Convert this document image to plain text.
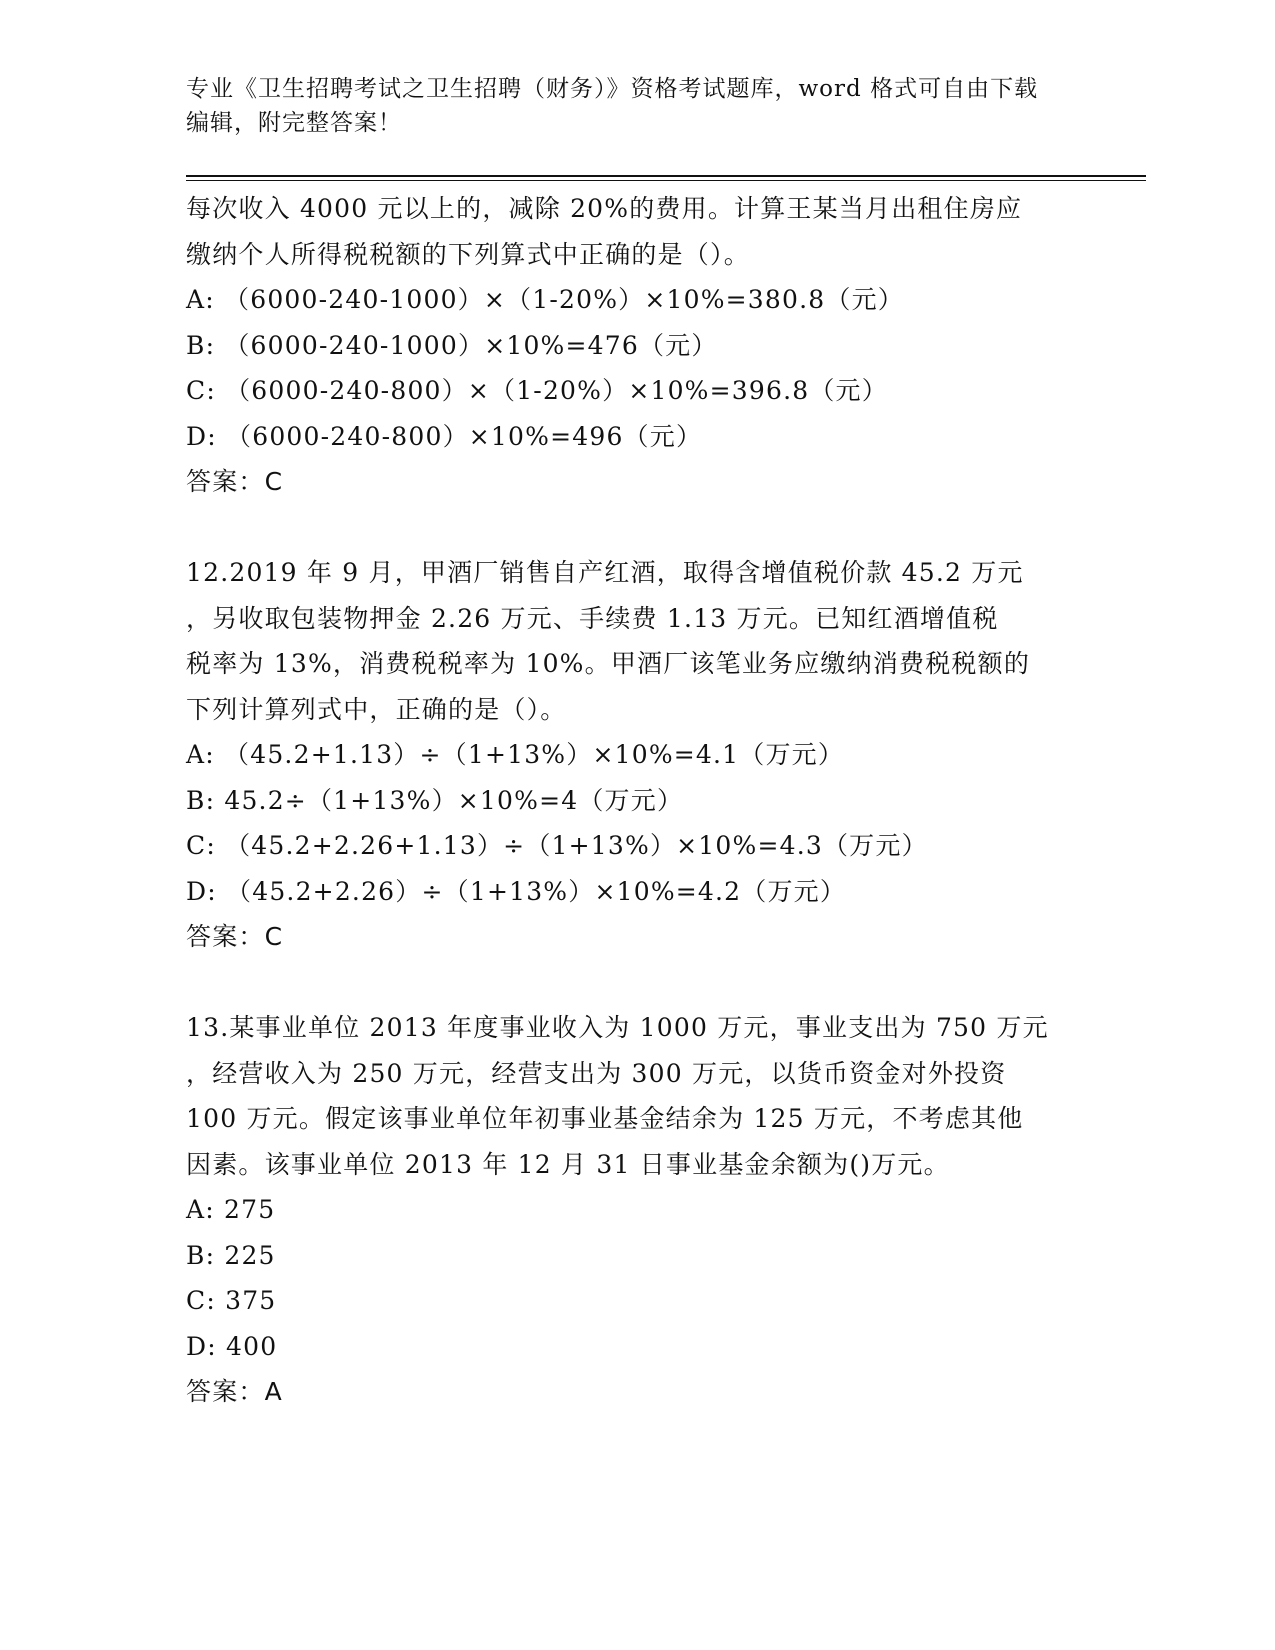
专业《卫生招聘考试之卫生招聘（财务）》资格考试题库，word 格式可自由下载
编辑，附完整答案！
每次收入 4000 元以上的，减除 20%的费用。计算王某当月出租住房应
缴纳个人所得税税额的下列算式中正确的是（）。
A: （6000-240-1000）×（1-20%）×10%=380.8（元）
B: （6000-240-1000）×10%=476（元）
C: （6000-240-800）×（1-20%）×10%=396.8（元）
D: （6000-240-800）×10%=496（元）
答案：C
12.2019 年 9 月，甲酒厂销售自产红酒，取得含增值税价款 45.2 万元
，另收取包装物押金 2.26 万元、手续费 1.13 万元。已知红酒增值税
税率为 13%，消费税税率为 10%。甲酒厂该笔业务应缴纳消费税税额的
下列计算列式中，正确的是（）。
A: （45.2+1.13）÷（1+13%）×10%=4.1（万元）
B: 45.2÷（1+13%）×10%=4（万元）
C: （45.2+2.26+1.13）÷（1+13%）×10%=4.3（万元）
D: （45.2+2.26）÷（1+13%）×10%=4.2（万元）
答案：C
13.某事业单位 2013 年度事业收入为 1000 万元，事业支出为 750 万元
，经营收入为 250 万元，经营支出为 300 万元，以货币资金对外投资
100 万元。假定该事业单位年初事业基金结余为 125 万元，不考虑其他
因素。该事业单位 2013 年 12 月 31 日事业基金余额为()万元。
A: 275
B: 225
C: 375
D: 400
答案：A
